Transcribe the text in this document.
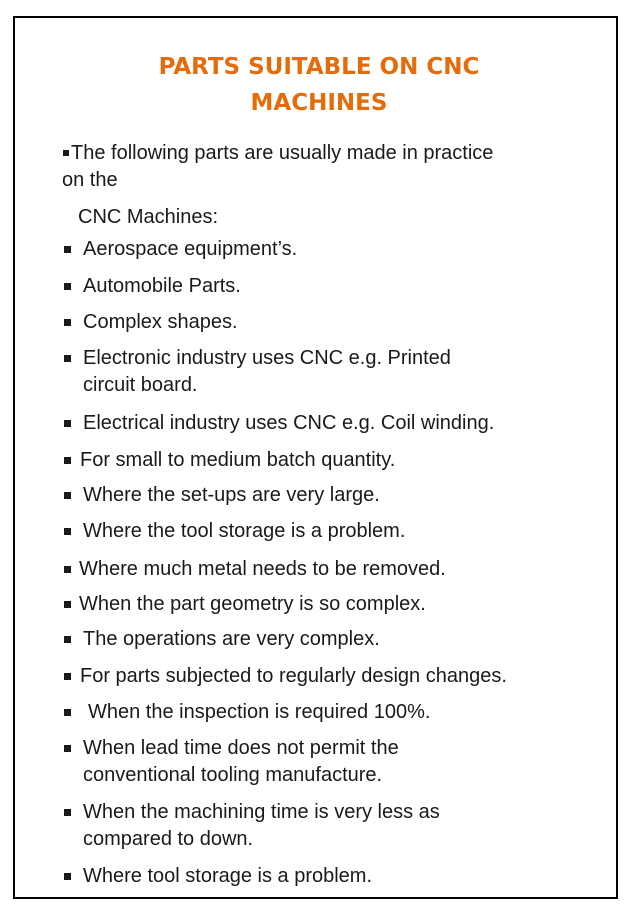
PARTS SUITABLE ON CNC
MACHINES
The following parts are usually made in practice
on the
CNC Machines:
Aerospace equipment’s.
Automobile Parts.
Complex shapes.
Electronic industry uses CNC e.g. Printed
circuit board.
Electrical industry uses CNC e.g. Coil winding.
For small to medium batch quantity.
Where the set-ups are very large.
Where the tool storage is a problem.
Where much metal needs to be removed.
When the part geometry is so complex.
The operations are very complex.
For parts subjected to regularly design changes.
When the inspection is required 100%.
When lead time does not permit the
conventional tooling manufacture.
When the machining time is very less as
compared to down.
Where tool storage is a problem.
